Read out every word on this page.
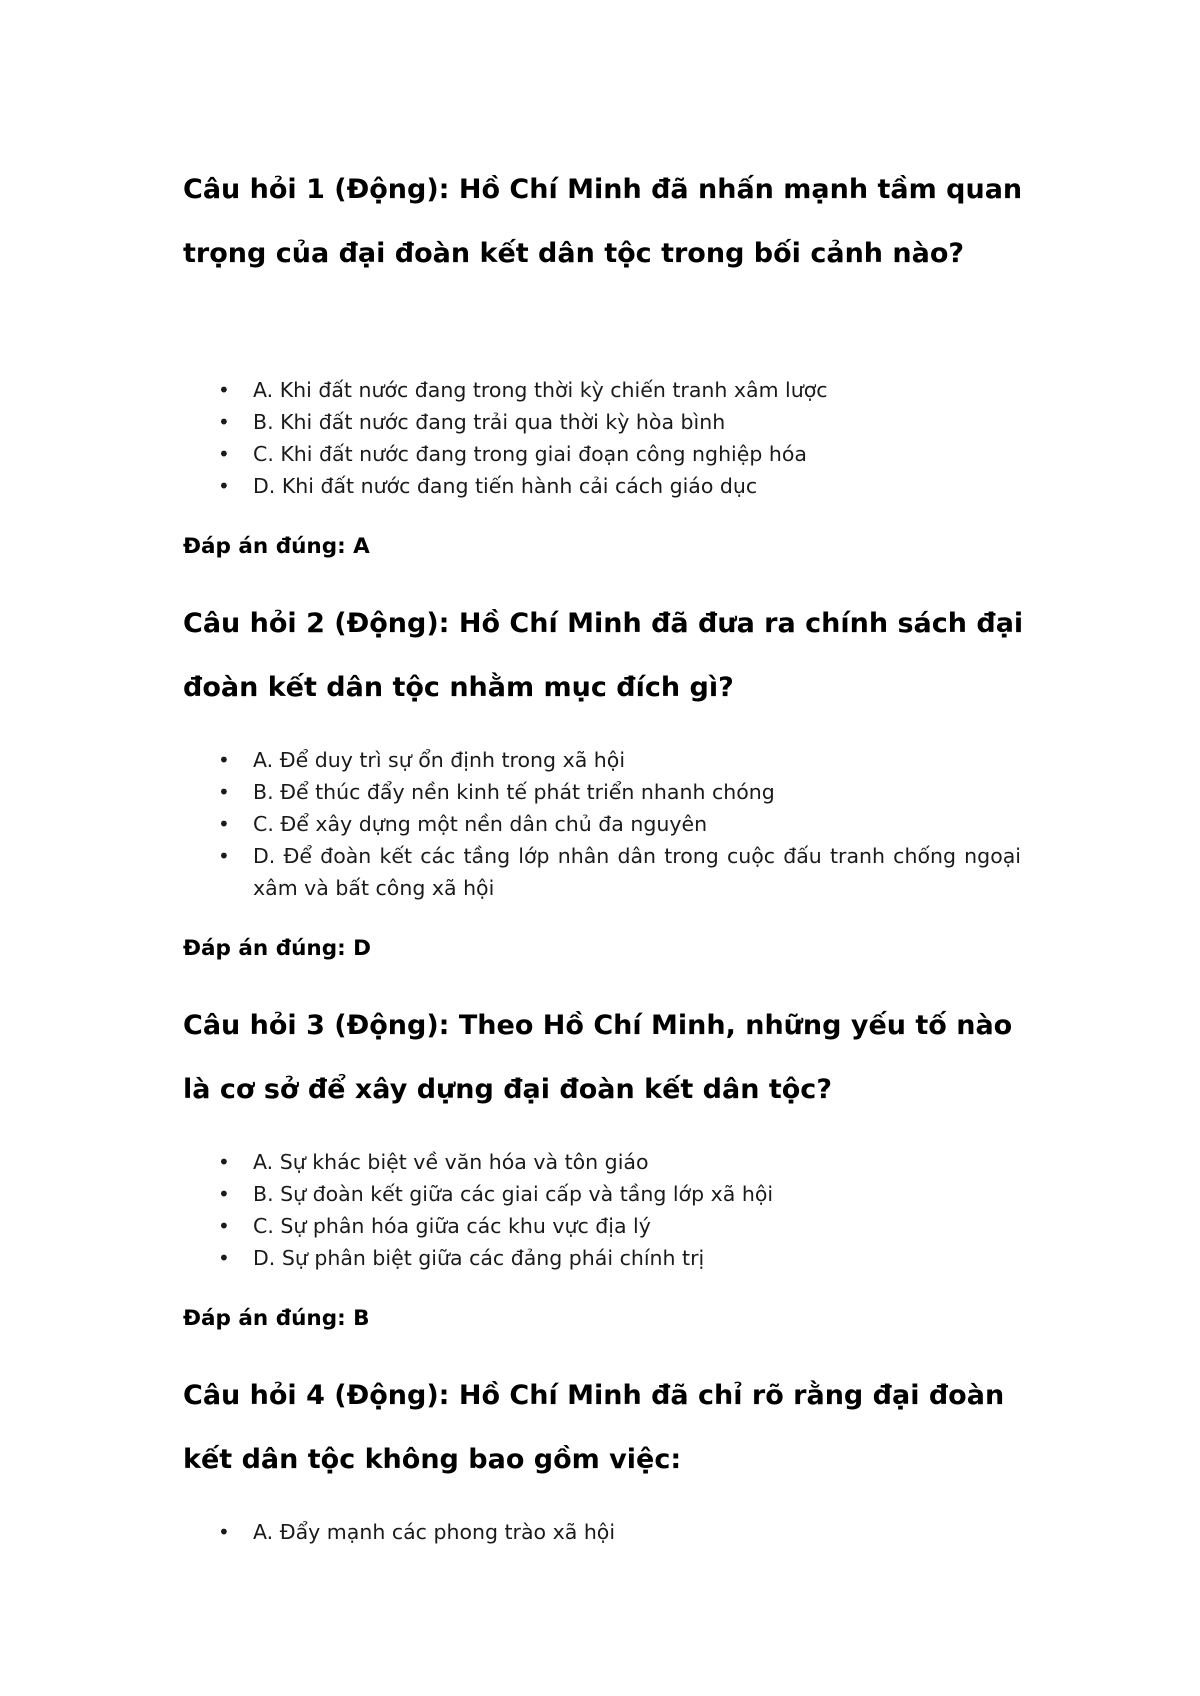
Câu hỏi 1 (Động): Hồ Chí Minh đã nhấn mạnh tầm quan trọng của đại đoàn kết dân tộc trong bối cảnh nào?
• A. Khi đất nước đang trong thời kỳ chiến tranh xâm lược
• B. Khi đất nước đang trải qua thời kỳ hòa bình
• C. Khi đất nước đang trong giai đoạn công nghiệp hóa
• D. Khi đất nước đang tiến hành cải cách giáo dục

Đáp án đúng: A

Câu hỏi 2 (Động): Hồ Chí Minh đã đưa ra chính sách đại đoàn kết dân tộc nhằm mục đích gì?
• A. Để duy trì sự ổn định trong xã hội
• B. Để thúc đẩy nền kinh tế phát triển nhanh chóng
• C. Để xây dựng một nền dân chủ đa nguyên
• D. Để đoàn kết các tầng lớp nhân dân trong cuộc đấu tranh chống ngoại xâm và bất công xã hội

Đáp án đúng: D

Câu hỏi 3 (Động): Theo Hồ Chí Minh, những yếu tố nào là cơ sở để xây dựng đại đoàn kết dân tộc?
• A. Sự khác biệt về văn hóa và tôn giáo
• B. Sự đoàn kết giữa các giai cấp và tầng lớp xã hội
• C. Sự phân hóa giữa các khu vực địa lý
• D. Sự phân biệt giữa các đảng phái chính trị

Đáp án đúng: B

Câu hỏi 4 (Động): Hồ Chí Minh đã chỉ rõ rằng đại đoàn kết dân tộc không bao gồm việc:
• A. Đẩy mạnh các phong trào xã hội
